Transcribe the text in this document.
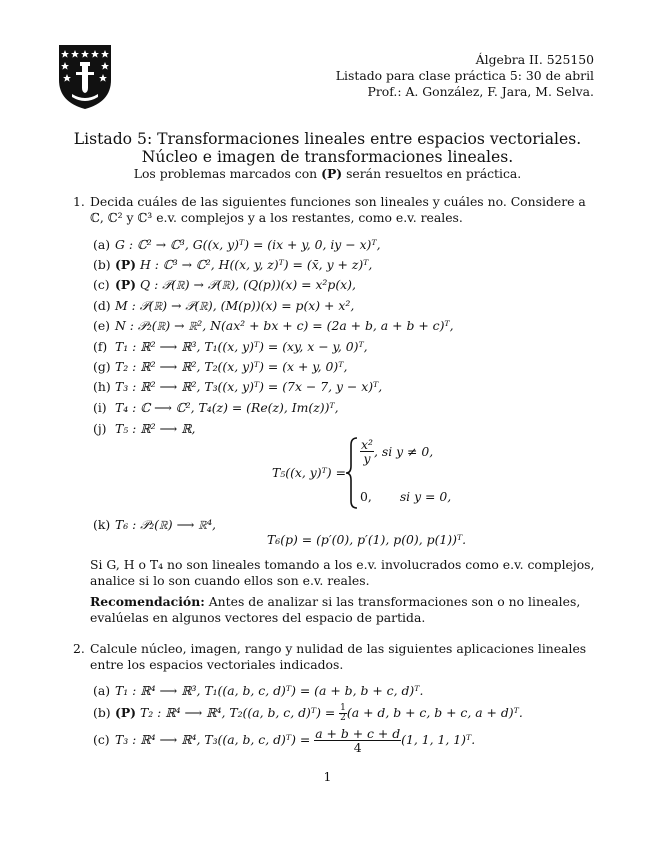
Álgebra II. 525150
Listado para clase práctica 5: 30 de abril
Prof.: A. González, F. Jara, M. Selva.
Listado 5: Transformaciones lineales entre espacios vectoriales.
Núcleo e imagen de transformaciones lineales.
Los problemas marcados con (P) serán resueltos en práctica.
1. Decida cuáles de las siguientes funciones son lineales y cuáles no. Considere a ℂ, ℂ² y ℂ³ e.v. complejos y a los restantes, como e.v. reales.
(a) G : ℂ² → ℂ³, G((x, y)ᵀ) = (ix + y, 0, iy − x)ᵀ,
(b) (P) H : ℂ³ → ℂ², H((x, y, z)ᵀ) = (x̄, y + z)ᵀ,
(c) (P) Q : 𝒫(ℝ) → 𝒫(ℝ), (Q(p))(x) = x²p(x),
(d) M : 𝒫(ℝ) → 𝒫(ℝ), (M(p))(x) = p(x) + x²,
(e) N : 𝒫₂(ℝ) → ℝ², N(ax² + bx + c) = (2a + b, a + b + c)ᵀ,
(f) T₁ : ℝ² ⟶ ℝ³, T₁((x, y)ᵀ) = (xy, x − y, 0)ᵀ,
(g) T₂ : ℝ² ⟶ ℝ², T₂((x, y)ᵀ) = (x + y, 0)ᵀ,
(h) T₃ : ℝ² ⟶ ℝ², T₃((x, y)ᵀ) = (7x − 7, y − x)ᵀ,
(i) T₄ : ℂ ⟶ ℂ², T₄(z) = (Re(z), Im(z))ᵀ,
(j) T₅ : ℝ² ⟶ ℝ,
T₅((x, y)ᵀ) =
$\frac{\text{x²}}{y}$ , si y ≠ 0,
0, si y = 0,
(k) T₆ : 𝒫₂(ℝ) ⟶ ℝ⁴,
T₆(p) = (p′(0), p′(1), p(0), p(1))ᵀ.
Si G, H o T₄ no son lineales tomando a los e.v. involucrados como e.v. complejos, analice si lo son cuando ellos son e.v. reales.
Recomendación: Antes de analizar si las transformaciones son o no lineales, evalúelas en algunos vectores del espacio de partida.
2. Calcule núcleo, imagen, rango y nulidad de las siguientes aplicaciones lineales entre los espacios vectoriales indicados.
(a) T₁ : ℝ⁴ ⟶ ℝ³, T₁((a, b, c, d)ᵀ) = (a + b, b + c, d)ᵀ.
(b) (P) T₂ : ℝ⁴ ⟶ ℝ⁴, T₂((a, b, c, d)ᵀ) = $\frac{1}{2} (a + d$, b + c, b + c, a + d)ᵀ.
(c) T₃ : ℝ⁴ ⟶ ℝ⁴, T₃((a, b, c, d)ᵀ) = $\frac{a + b + c + d}{4} (1$, 1, 1, 1)ᵀ.
1
